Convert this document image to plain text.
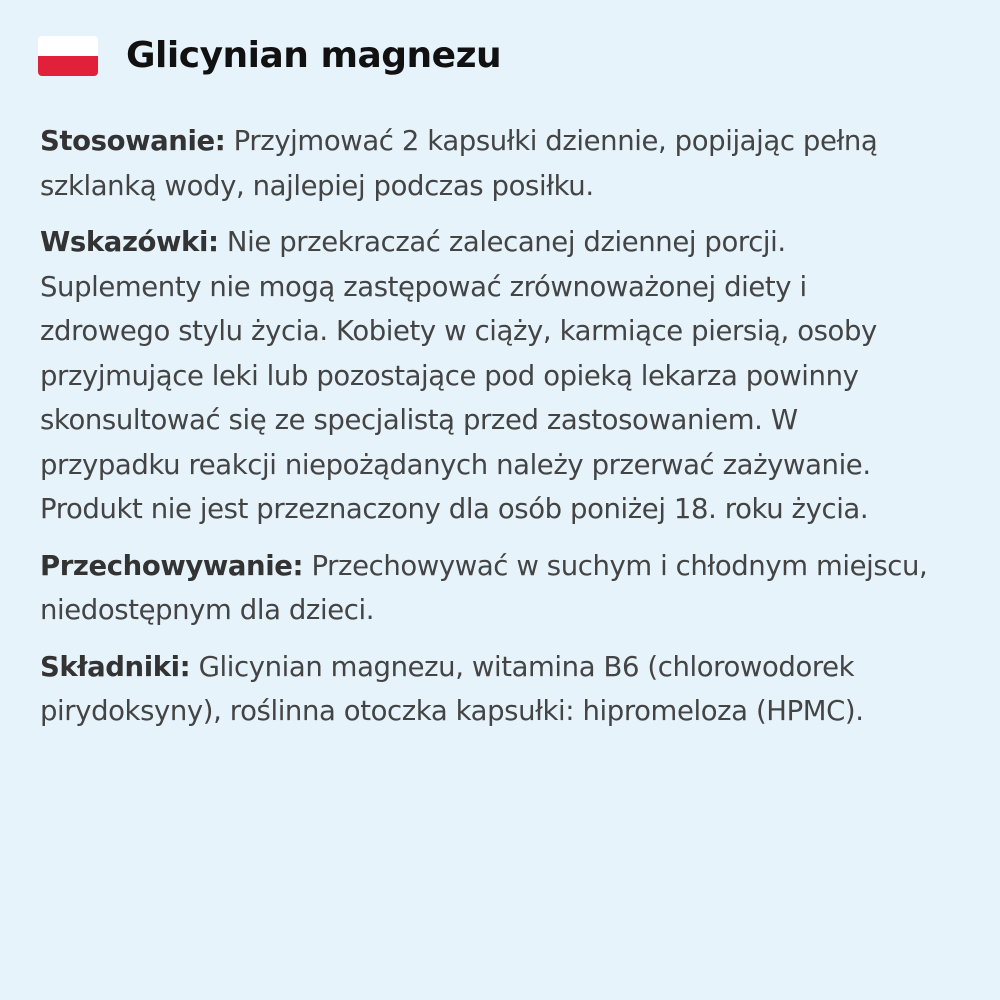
Glicynian magnezu

Stosowanie: Przyjmować 2 kapsułki dziennie, popijając pełną szklanką wody, najlepiej podczas posiłku.

Wskazówki: Nie przekraczać zalecanej dziennej porcji. Suplementy nie mogą zastępować zrównoważonej diety i zdrowego stylu życia. Kobiety w ciąży, karmiące piersią, osoby przyjmujące leki lub pozostające pod opieką lekarza powinny skonsultować się ze specjalistą przed zastosowaniem. W przypadku reakcji niepożądanych należy przerwać zażywanie. Produkt nie jest przeznaczony dla osób poniżej 18. roku życia.

Przechowywanie: Przechowywać w suchym i chłodnym miejscu, niedostępnym dla dzieci.

Składniki: Glicynian magnezu, witamina B6 (chlorowodorek pirydoksyny), roślinna otoczka kapsułki: hipromeloza (HPMC).
